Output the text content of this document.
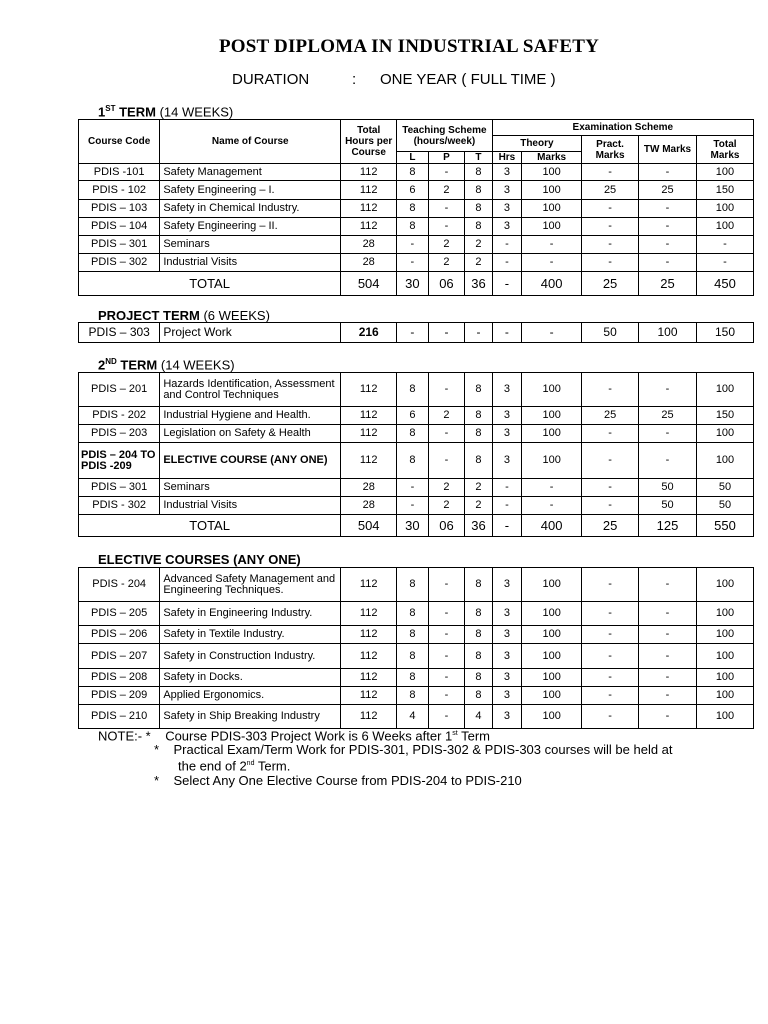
POST DIPLOMA IN INDUSTRIAL SAFETY
DURATION	: ONE YEAR ( FULL TIME )
1ST TERM (14 WEEKS)
Course Code	Name of Course	Total Hours per Course	Teaching Scheme (hours/week)			Examination Scheme				
						Theory		Pract. Marks	TW Marks	Total Marks
			L	P	T	Hrs	Marks			
PDIS -101	Safety Management	112	8	-	8	3	100	-	-	100
PDIS - 102	Safety Engineering – I.	112	6	2	8	3	100	25	25	150
PDIS – 103	Safety in Chemical Industry.	112	8	-	8	3	100	-	-	100
PDIS – 104	Safety Engineering – II.	112	8	-	8	3	100	-	-	100
PDIS – 301	Seminars	28	-	2	2	-	-	-	-	-
PDIS – 302	Industrial Visits	28	-	2	2	-	-	-	-	-
TOTAL		504	30	06	36	-	400	25	25	450
PROJECT TERM (6 WEEKS)
PDIS – 303	Project Work	216	-	-	-	-	-	50	100	150
2ND TERM (14 WEEKS)
PDIS – 201	Hazards Identification, Assessment and Control Techniques	112	8	-	8	3	100	-	-	100
PDIS - 202	Industrial Hygiene and Health.	112	6	2	8	3	100	25	25	150
PDIS – 203	Legislation on Safety & Health	112	8	-	8	3	100	-	-	100
PDIS – 204 TO PDIS -209	ELECTIVE COURSE (ANY ONE)	112	8	-	8	3	100	-	-	100
PDIS – 301	Seminars	28	-	2	2	-	-	-	50	50
PDIS - 302	Industrial Visits	28	-	2	2	-	-	-	50	50
TOTAL		504	30	06	36	-	400	25	125	550
ELECTIVE COURSES (ANY ONE)
PDIS - 204	Advanced Safety Management and Engineering Techniques.	112	8	-	8	3	100	-	-	100
PDIS – 205	Safety in Engineering Industry.	112	8	-	8	3	100	-	-	100
PDIS – 206	Safety in Textile Industry.	112	8	-	8	3	100	-	-	100
PDIS – 207	Safety in Construction Industry.	112	8	-	8	3	100	-	-	100
PDIS – 208	Safety in Docks.	112	8	-	8	3	100	-	-	100
PDIS – 209	Applied Ergonomics.	112	8	-	8	3	100	-	-	100
PDIS – 210	Safety in Ship Breaking Industry	112	4	-	4	3	100	-	-	100
NOTE:- * Course PDIS-303 Project Work is 6 Weeks after 1st Term
* Practical Exam/Term Work for PDIS-301, PDIS-302 & PDIS-303 courses will be held at
the end of 2nd Term.
* Select Any One Elective Course from PDIS-204 to PDIS-210
